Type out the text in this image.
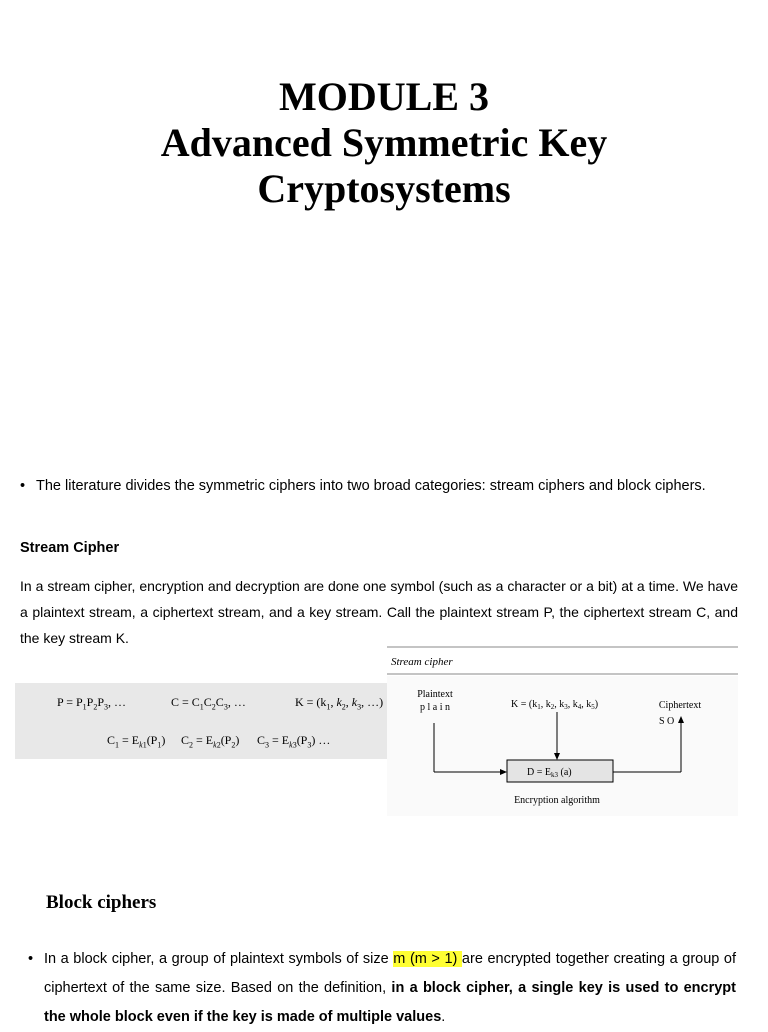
MODULE 3
Advanced Symmetric Key
Cryptosystems
• The literature divides the symmetric ciphers into two broad categories: stream ciphers and block ciphers.
Stream Cipher
In a stream cipher, encryption and decryption are done one symbol (such as a character or a bit) at a time. We have a plaintext stream, a ciphertext stream, and a key stream. Call the plaintext stream P, the ciphertext stream C, and the key stream K.
$P = P_1P_2P_3$, …	$C = C_1C_2C_3$, …	$K = (k_1$, $k_2$, $k_3$, …)
$C_1 = E_{k1}(P_1) C_2 = E_{k2}(P_2) C_3 = E_{k3}(P_3)$ …
Stream cipher
Plaintext
p l a i n	$K = (k_1$, $k_2$, $k_3$, $k_4$, $k_5$)	Ciphertext
S O
$D = E_{k3}$ (a)
Encryption algorithm
Block ciphers
• In a block cipher, a group of plaintext symbols of size m (m > 1) are encrypted together creating a group of ciphertext of the same size. Based on the definition, in a block cipher, a single key is used to encrypt the whole block even if the key is made of multiple values.
